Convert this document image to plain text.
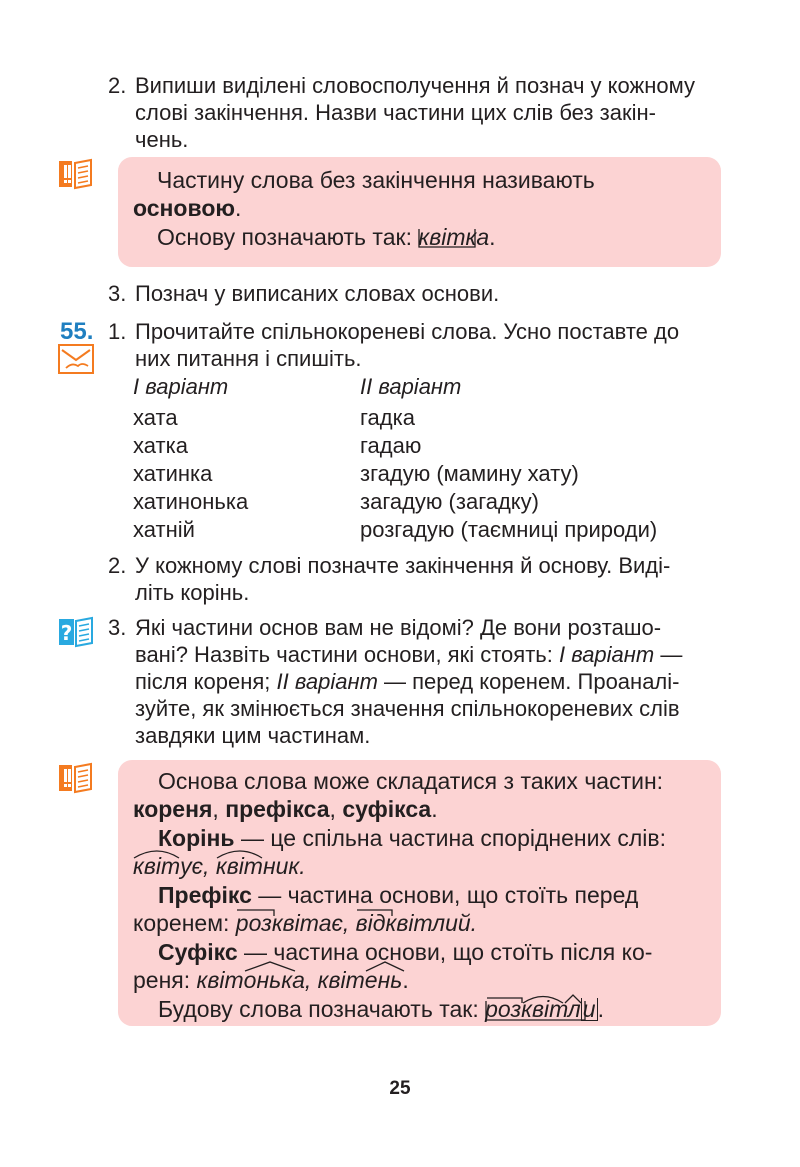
2. Випиши виділені словосполучення й познач у кожному
слові закінчення. Назви частини цих слів без закін-
чень.
Частину слова без закінчення називають
основою.
Основу позначають так: квітк
а.
3. Познач у виписаних словах основи.
55. 1. Прочитайте спільнокореневі слова. Усно поставте до
них питання і спишіть.
І варіант	ІІ варіант
хата
хатка
хатинка
хатинонька
хатній
гадка
гадаю
згадую (мамину хату)
загадую (загадку)
розгадую (таємниці природи)
2. У кожному слові позначте закінчення й основу. Виді-
літь корінь.
? 3. Які частини основ вам не відомі? Де вони розташо-
вані? Назвіть частини основи, які стоять: І варіант —
після кореня; ІІ варіант — перед коренем. Проаналі-
зуйте, як змінюється значення спільнокореневих слів
завдяки цим частинам.
Основа слова може складатися з таких частин:
кореня, префікса, суфікса.
Корінь — це спільна частина споріднених слів:
квіт
ує, квіт
ник.
Префікс — частина основи, що стоїть перед
коренем: роз
квітає, від
квітлий.
Суфікс — частина основи, що стоїть після ко-
реня: квітоньк
а, квітень
.
Будову слова позначають так: розквітли
.
25
